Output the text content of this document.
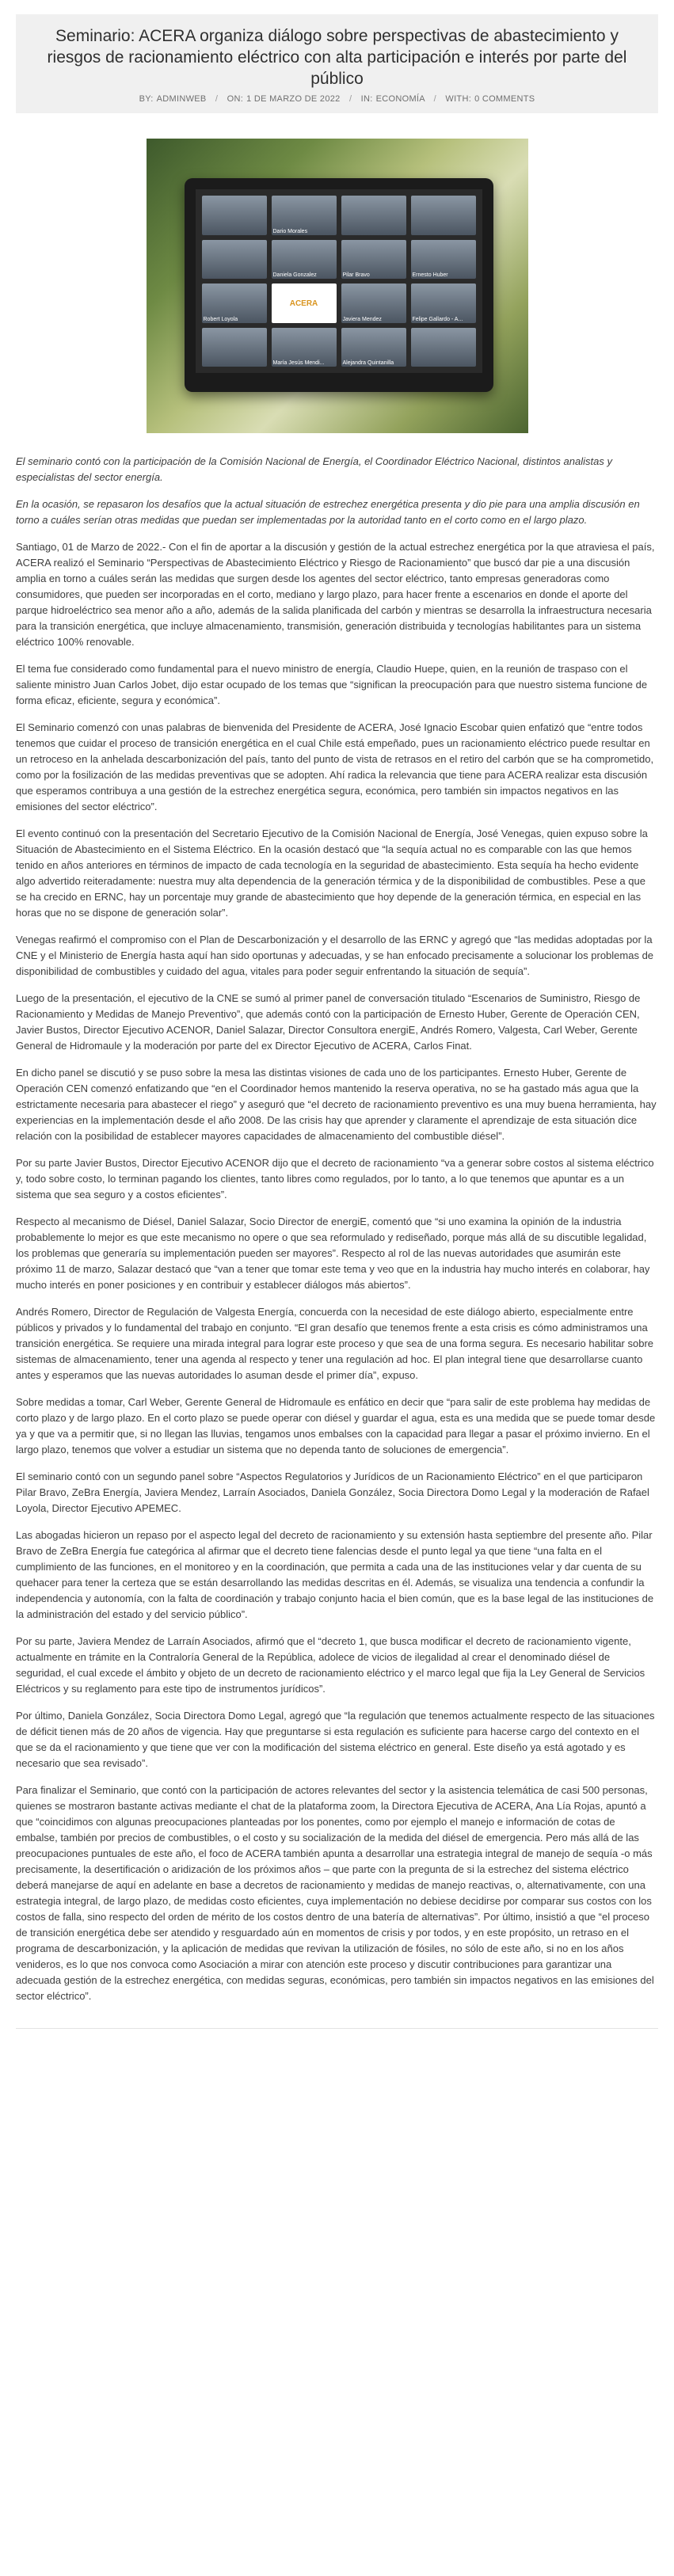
Seminario: ACERA organiza diálogo sobre perspectivas de abastecimiento y riesgos de racionamiento eléctrico con alta participación e interés por parte del público
BY: ADMINWEB / ON: 1 DE MARZO DE 2022 / IN: ECONOMÍA / WITH: 0 COMMENTS
Dario Morales
Daniela Gonzalez	Pilar Bravo	Ernesto Huber
Robert Loyola
ACERA
Javiera Mendez	Felipe Gallardo - A...
María Jesús Mendi...	Alejandra Quintanilla

El seminario contó con la participación de la Comisión Nacional de Energía, el Coordinador Eléctrico Nacional, distintos analistas y especialistas del sector energía.

En la ocasión, se repasaron los desafíos que la actual situación de estrechez energética presenta y dio pie para una amplia discusión en torno a cuáles serían otras medidas que puedan ser implementadas por la autoridad tanto en el corto como en el largo plazo.

Santiago, 01 de Marzo de 2022.- Con el fin de aportar a la discusión y gestión de la actual estrechez energética por la que atraviesa el país, ACERA realizó el Seminario “Perspectivas de Abastecimiento Eléctrico y Riesgo de Racionamiento” que buscó dar pie a una discusión amplia en torno a cuáles serán las medidas que surgen desde los agentes del sector eléctrico, tanto empresas generadoras como consumidores, que pueden ser incorporadas en el corto, mediano y largo plazo, para hacer frente a escenarios en donde el aporte del parque hidroeléctrico sea menor año a año, además de la salida planificada del carbón y mientras se desarrolla la infraestructura necesaria para la transición energética, que incluye almacenamiento, transmisión, generación distribuida y tecnologías habilitantes para un sistema eléctrico 100% renovable.

El tema fue considerado como fundamental para el nuevo ministro de energía, Claudio Huepe, quien, en la reunión de traspaso con el saliente ministro Juan Carlos Jobet, dijo estar ocupado de los temas que “significan la preocupación para que nuestro sistema funcione de forma eficaz, eficiente, segura y económica”.

El Seminario comenzó con unas palabras de bienvenida del Presidente de ACERA, José Ignacio Escobar quien enfatizó que “entre todos tenemos que cuidar el proceso de transición energética en el cual Chile está empeñado, pues un racionamiento eléctrico puede resultar en un retroceso en la anhelada descarbonización del país, tanto del punto de vista de retrasos en el retiro del carbón que se ha comprometido, como por la fosilización de las medidas preventivas que se adopten. Ahí radica la relevancia que tiene para ACERA realizar esta discusión que esperamos contribuya a una gestión de la estrechez energética segura, económica, pero también sin impactos negativos en las emisiones del sector eléctrico”.

El evento continuó con la presentación del Secretario Ejecutivo de la Comisión Nacional de Energía, José Venegas, quien expuso sobre la Situación de Abastecimiento en el Sistema Eléctrico. En la ocasión destacó que “la sequía actual no es comparable con las que hemos tenido en años anteriores en términos de impacto de cada tecnología en la seguridad de abastecimiento. Esta sequía ha hecho evidente algo advertido reiteradamente: nuestra muy alta dependencia de la generación térmica y de la disponibilidad de combustibles. Pese a que se ha crecido en ERNC, hay un porcentaje muy grande de abastecimiento que hoy depende de la generación térmica, en especial en las horas que no se dispone de generación solar”.

Venegas reafirmó el compromiso con el Plan de Descarbonización y el desarrollo de las ERNC y agregó que “las medidas adoptadas por la CNE y el Ministerio de Energía hasta aquí han sido oportunas y adecuadas, y se han enfocado precisamente a solucionar los problemas de disponibilidad de combustibles y cuidado del agua, vitales para poder seguir enfrentando la situación de sequía”.

Luego de la presentación, el ejecutivo de la CNE se sumó al primer panel de conversación titulado “Escenarios de Suministro, Riesgo de Racionamiento y Medidas de Manejo Preventivo”, que además contó con la participación de Ernesto Huber, Gerente de Operación CEN, Javier Bustos, Director Ejecutivo ACENOR, Daniel Salazar, Director Consultora energiE, Andrés Romero, Valgesta, Carl Weber, Gerente General de Hidromaule y la moderación por parte del ex Director Ejecutivo de ACERA, Carlos Finat.

En dicho panel se discutió y se puso sobre la mesa las distintas visiones de cada uno de los participantes. Ernesto Huber, Gerente de Operación CEN comenzó enfatizando que “en el Coordinador hemos mantenido la reserva operativa, no se ha gastado más agua que la estrictamente necesaria para abastecer el riego” y aseguró que “el decreto de racionamiento preventivo es una muy buena herramienta, hay experiencias en la implementación desde el año 2008. De las crisis hay que aprender y claramente el aprendizaje de esta situación dice relación con la posibilidad de establecer mayores capacidades de almacenamiento del combustible diésel”.

Por su parte Javier Bustos, Director Ejecutivo ACENOR dijo que el decreto de racionamiento “va a generar sobre costos al sistema eléctrico y, todo sobre costo, lo terminan pagando los clientes, tanto libres como regulados, por lo tanto, a lo que tenemos que apuntar es a un sistema que sea seguro y a costos eficientes”.

Respecto al mecanismo de Diésel, Daniel Salazar, Socio Director de energiE, comentó que “si uno examina la opinión de la industria probablemente lo mejor es que este mecanismo no opere o que sea reformulado y rediseñado, porque más allá de su discutible legalidad, los problemas que generaría su implementación pueden ser mayores”. Respecto al rol de las nuevas autoridades que asumirán este próximo 11 de marzo, Salazar destacó que “van a tener que tomar este tema y veo que en la industria hay mucho interés en colaborar, hay mucho interés en poner posiciones y en contribuir y establecer diálogos más abiertos”.

Andrés Romero, Director de Regulación de Valgesta Energía, concuerda con la necesidad de este diálogo abierto, especialmente entre públicos y privados y lo fundamental del trabajo en conjunto. “El gran desafío que tenemos frente a esta crisis es cómo administramos una transición energética. Se requiere una mirada integral para lograr este proceso y que sea de una forma segura. Es necesario habilitar sobre sistemas de almacenamiento, tener una agenda al respecto y tener una regulación ad hoc. El plan integral tiene que desarrollarse cuanto antes y esperamos que las nuevas autoridades lo asuman desde el primer día”, expuso.

Sobre medidas a tomar, Carl Weber, Gerente General de Hidromaule es enfático en decir que “para salir de este problema hay medidas de corto plazo y de largo plazo. En el corto plazo se puede operar con diésel y guardar el agua, esta es una medida que se puede tomar desde ya y que va a permitir que, si no llegan las lluvias, tengamos unos embalses con la capacidad para llegar a pasar el próximo invierno. En el largo plazo, tenemos que volver a estudiar un sistema que no dependa tanto de soluciones de emergencia”.

El seminario contó con un segundo panel sobre “Aspectos Regulatorios y Jurídicos de un Racionamiento Eléctrico” en el que participaron Pilar Bravo, ZeBra Energía, Javiera Mendez, Larraín Asociados, Daniela González, Socia Directora Domo Legal y la moderación de Rafael Loyola, Director Ejecutivo APEMEC.

Las abogadas hicieron un repaso por el aspecto legal del decreto de racionamiento y su extensión hasta septiembre del presente año. Pilar Bravo de ZeBra Energía fue categórica al afirmar que el decreto tiene falencias desde el punto legal ya que tiene “una falta en el cumplimiento de las funciones, en el monitoreo y en la coordinación, que permita a cada una de las instituciones velar y dar cuenta de su quehacer para tener la certeza que se están desarrollando las medidas descritas en él. Además, se visualiza una tendencia a confundir la independencia y autonomía, con la falta de coordinación y trabajo conjunto hacia el bien común, que es la base legal de las instituciones de la administración del estado y del servicio público”.

Por su parte, Javiera Mendez de Larraín Asociados, afirmó que el “decreto 1, que busca modificar el decreto de racionamiento vigente, actualmente en trámite en la Contraloría General de la República, adolece de vicios de ilegalidad al crear el denominado diésel de seguridad, el cual excede el ámbito y objeto de un decreto de racionamiento eléctrico y el marco legal que fija la Ley General de Servicios Eléctricos y su reglamento para este tipo de instrumentos jurídicos”.

Por último, Daniela González, Socia Directora Domo Legal, agregó que “la regulación que tenemos actualmente respecto de las situaciones de déficit tienen más de 20 años de vigencia. Hay que preguntarse si esta regulación es suficiente para hacerse cargo del contexto en el que se da el racionamiento y que tiene que ver con la modificación del sistema eléctrico en general. Este diseño ya está agotado y es necesario que sea revisado”.

Para finalizar el Seminario, que contó con la participación de actores relevantes del sector y la asistencia telemática de casi 500 personas, quienes se mostraron bastante activas mediante el chat de la plataforma zoom, la Directora Ejecutiva de ACERA, Ana Lía Rojas, apuntó a que “coincidimos con algunas preocupaciones planteadas por los ponentes, como por ejemplo el manejo e información de cotas de embalse, también por precios de combustibles, o el costo y su socialización de la medida del diésel de emergencia. Pero más allá de las preocupaciones puntuales de este año, el foco de ACERA también apunta a desarrollar una estrategia integral de manejo de sequía -o más precisamente, la desertificación o aridización de los próximos años – que parte con la pregunta de si la estrechez del sistema eléctrico deberá manejarse de aquí en adelante en base a decretos de racionamiento y medidas de manejo reactivas, o, alternativamente, con una estrategia integral, de largo plazo, de medidas costo eficientes, cuya implementación no debiese decidirse por comparar sus costos con los costos de falla, sino respecto del orden de mérito de los costos dentro de una batería de alternativas”. Por último, insistió a que “el proceso de transición energética debe ser atendido y resguardado aún en momentos de crisis y por todos, y en este propósito, un retraso en el programa de descarbonización, y la aplicación de medidas que revivan la utilización de fósiles, no sólo de este año, si no en los años venideros, es lo que nos convoca como Asociación a mirar con atención este proceso y discutir contribuciones para garantizar una adecuada gestión de la estrechez energética, con medidas seguras, económicas, pero también sin impactos negativos en las emisiones del sector eléctrico”.
